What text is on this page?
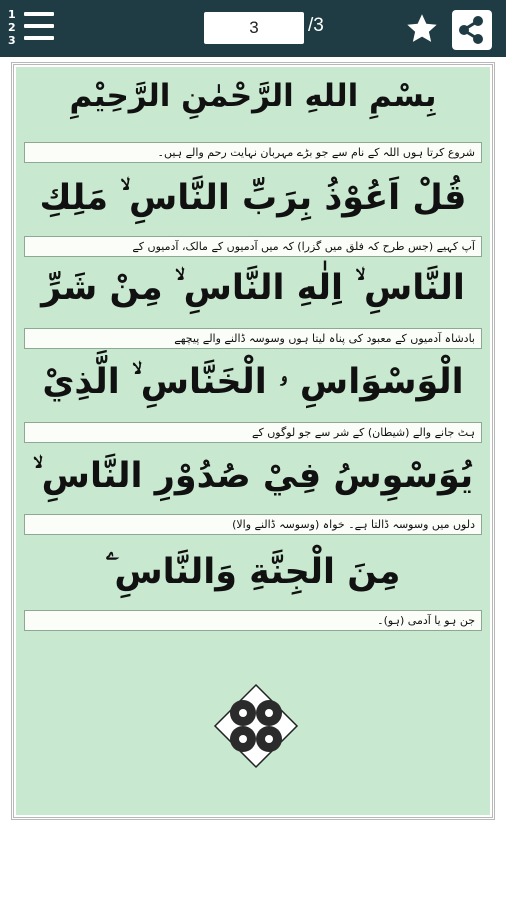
1
2
3
3
/3
بِسْمِ اللهِ الرَّحْمٰنِ الرَّحِيْمِ
شروع کرتا ہوں اللہ کے نام سے جو بڑے مہربان نہایت رحم والے ہیں۔
قُلْ اَعُوْذُ بِرَبِّ النَّاسِ ۙ مَلِكِ
آپ کہیے (جس طرح کہ فلق میں گزرا) کہ میں آدمیوں کے مالک، آدمیوں کے
النَّاسِ ۙ اِلٰهِ النَّاسِ ۙ مِنْ شَرِّ
بادشاہ آدمیوں کے معبود کی پناہ لیتا ہوں وسوسہ ڈالنے والے پیچھے
الْوَسْوَاسِ ۥ الْخَنَّاسِ ۙ الَّذِيْ
ہٹ جانے والے (شیطان) کے شر سے جو لوگوں کے
يُوَسْوِسُ فِيْ صُدُوْرِ النَّاسِ ۙ
دلوں میں وسوسہ ڈالتا ہے۔ خواہ (وسوسہ ڈالنے والا)
مِنَ الْجِنَّةِ وَالنَّاسِ ۧ
جن ہو یا آدمی (ہو)۔
